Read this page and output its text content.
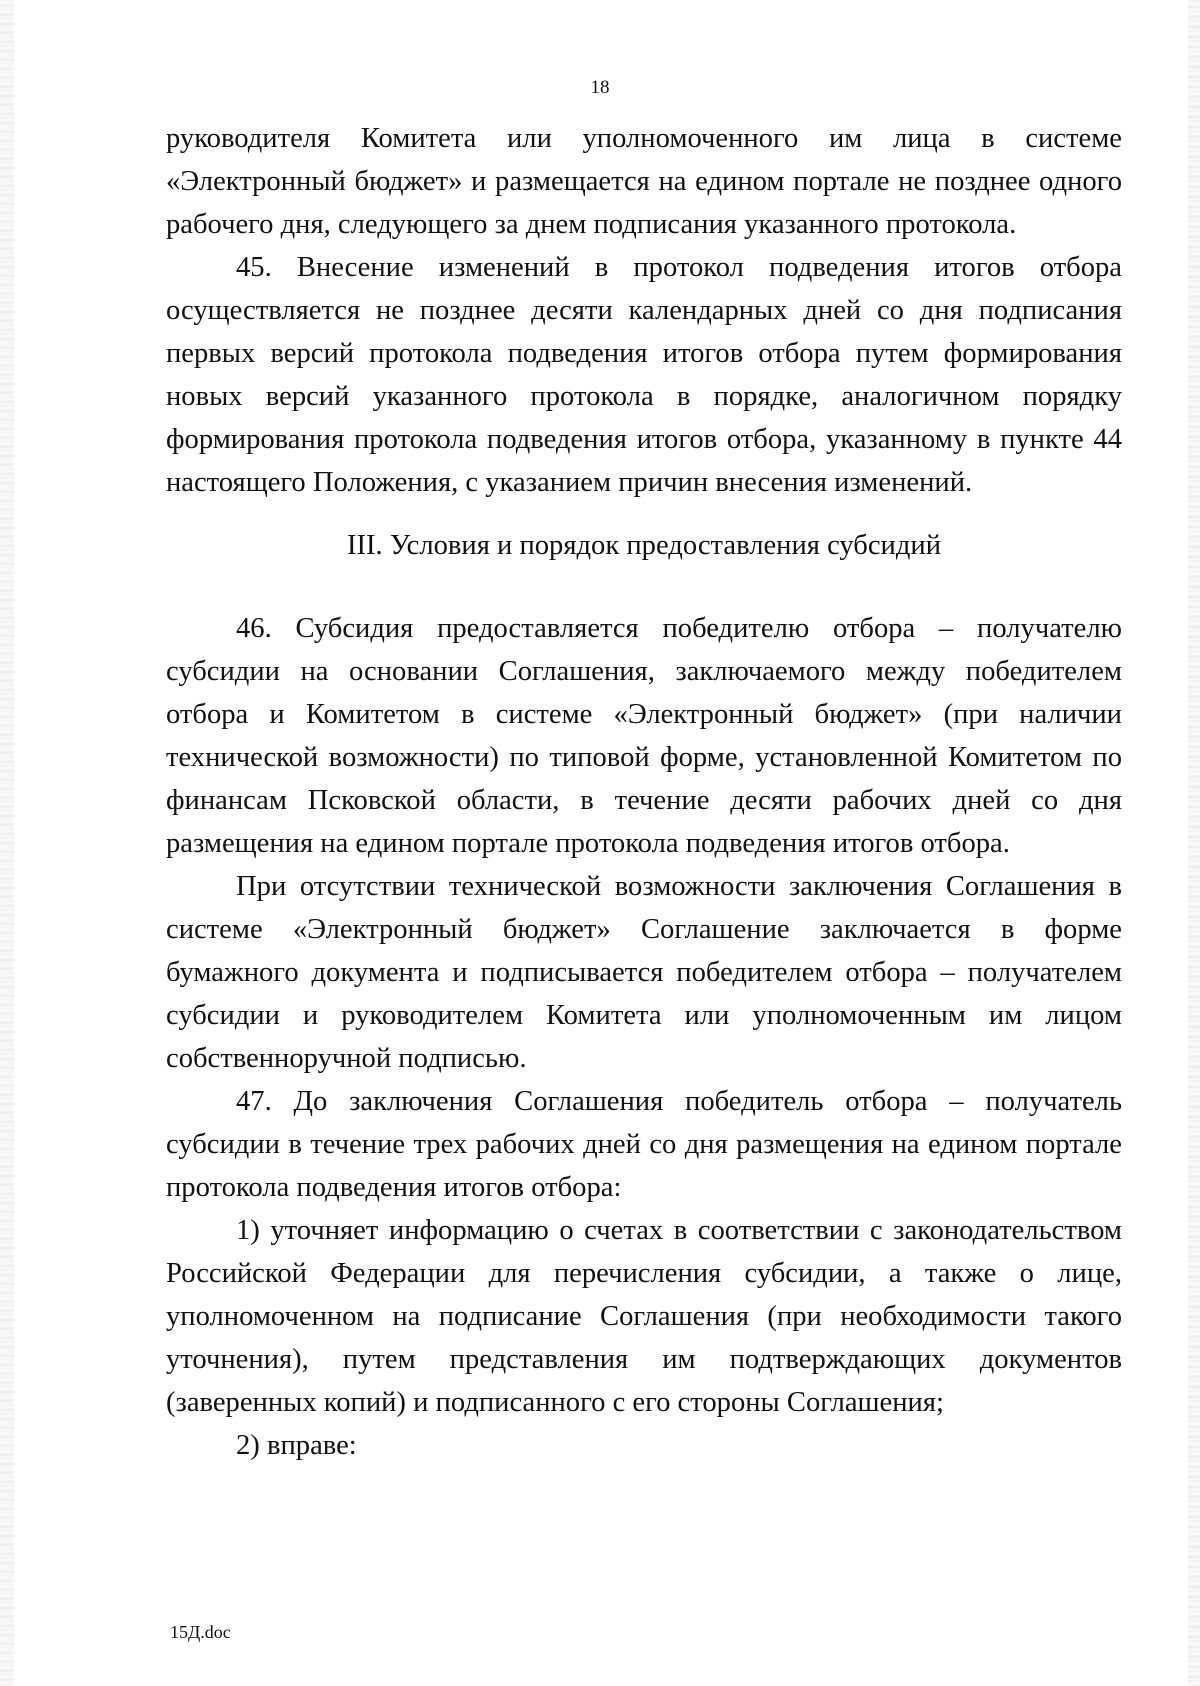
18

руководителя Комитета или уполномоченного им лица в системе «Электронный бюджет» и размещается на едином портале не позднее одного рабочего дня, следующего за днем подписания указанного протокола.

45. Внесение изменений в протокол подведения итогов отбора осуществляется не позднее десяти календарных дней со дня подписания первых версий протокола подведения итогов отбора путем формирования новых версий указанного протокола в порядке, аналогичном порядку формирования протокола подведения итогов отбора, указанному в пункте 44 настоящего Положения, с указанием причин внесения изменений.

III. Условия и порядок предоставления субсидий

46. Субсидия предоставляется победителю отбора – получателю субсидии на основании Соглашения, заключаемого между победителем отбора и Комитетом в системе «Электронный бюджет» (при наличии технической возможности) по типовой форме, установленной Комитетом по финансам Псковской области, в течение десяти рабочих дней со дня размещения на едином портале протокола подведения итогов отбора.

При отсутствии технической возможности заключения Соглашения в системе «Электронный бюджет» Соглашение заключается в форме бумажного документа и подписывается победителем отбора – получателем субсидии и руководителем Комитета или уполномоченным им лицом собственноручной подписью.

47. До заключения Соглашения победитель отбора – получатель субсидии в течение трех рабочих дней со дня размещения на едином портале протокола подведения итогов отбора:

1) уточняет информацию о счетах в соответствии с законодательством Российской Федерации для перечисления субсидии, а также о лице, уполномоченном на подписание Соглашения (при необходимости такого уточнения), путем представления им подтверждающих документов (заверенных копий) и подписанного с его стороны Соглашения;

2) вправе:

15Д.doc
